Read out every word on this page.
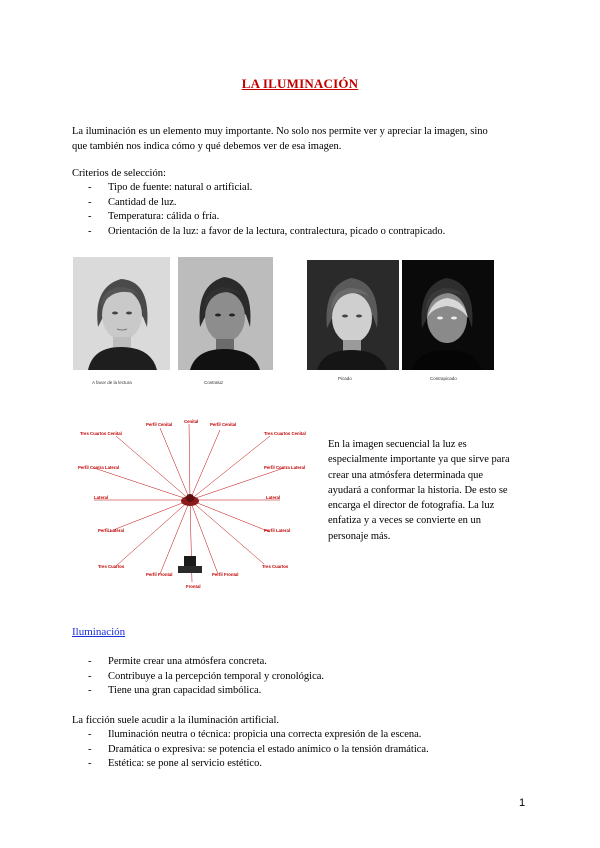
LA ILUMINACIÓN
La iluminación es un elemento muy importante. No solo nos permite ver y apreciar la imagen, sino
que también nos indica cómo y qué debemos ver de esa imagen.
Criterios de selección:
- Tipo de fuente: natural o artificial.
- Cantidad de luz.
- Temperatura: cálida o fría.
- Orientación de la luz: a favor de la lectura, contralectura, picado o contrapicado.
A favor de la lectura	Contraluz
Picado	Contrapicado
Cenital
Perfil Cenital	Perfil Cenital
Tres Cuartos Cenital	Tres Cuartos Cenital
Perfil Contra Lateral	Perfil Contra Lateral
Lateral	Lateral
Perfil Lateral	Perfil Lateral
Tres Cuartos	Tres Cuartos
Perfil Frontal	Perfil Frontal
Frontal
En la imagen secuencial la luz es
especialmente importante ya que sirve para
crear una atmósfera determinada que
ayudará a conformar la historia. De esto se
encarga el director de fotografía. La luz
enfatiza y a veces se convierte en un
personaje más.
Iluminación
- Permite crear una atmósfera concreta.
- Contribuye a la percepción temporal y cronológica.
- Tiene una gran capacidad simbólica.
La ficción suele acudir a la iluminación artificial.
- Iluminación neutra o técnica: propicia una correcta expresión de la escena.
- Dramática o expresiva: se potencia el estado anímico o la tensión dramática.
- Estética: se pone al servicio estético.
1
